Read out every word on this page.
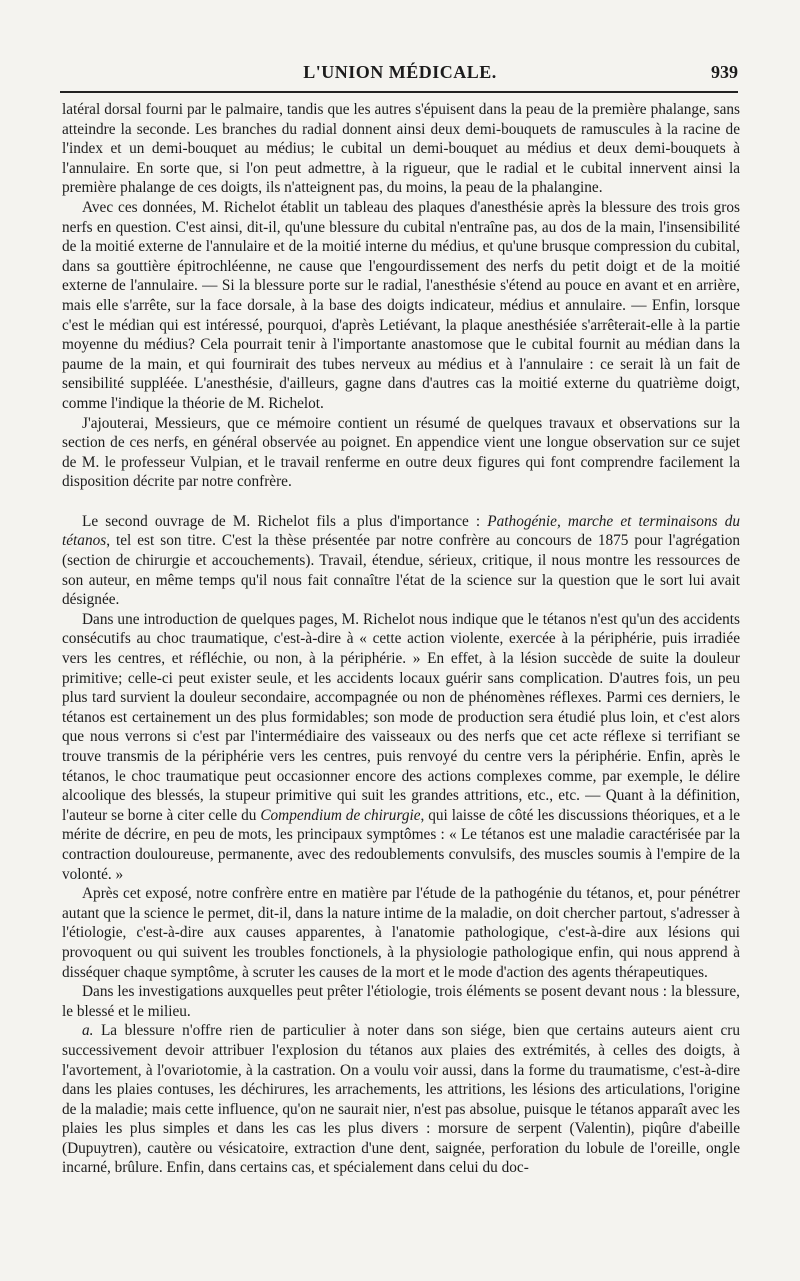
L'UNION MÉDICALE.	939

latéral dorsal fourni par le palmaire, tandis que les autres s'épuisent dans la peau de la première phalange, sans atteindre la seconde. Les branches du radial donnent ainsi deux demi-bouquets de ramuscules à la racine de l'index et un demi-bouquet au médius; le cubital un demi-bouquet au médius et deux demi-bouquets à l'annulaire. En sorte que, si l'on peut admettre, à la rigueur, que le radial et le cubital innervent ainsi la première phalange de ces doigts, ils n'atteignent pas, du moins, la peau de la phalangine.

Avec ces données, M. Richelot établit un tableau des plaques d'anesthésie après la blessure des trois gros nerfs en question. C'est ainsi, dit-il, qu'une blessure du cubital n'entraîne pas, au dos de la main, l'insensibilité de la moitié externe de l'annulaire et de la moitié interne du médius, et qu'une brusque compression du cubital, dans sa gouttière épitrochléenne, ne cause que l'engourdissement des nerfs du petit doigt et de la moitié externe de l'annulaire. — Si la blessure porte sur le radial, l'anesthésie s'étend au pouce en avant et en arrière, mais elle s'arrête, sur la face dorsale, à la base des doigts indicateur, médius et annulaire. — Enfin, lorsque c'est le médian qui est intéressé, pourquoi, d'après Letiévant, la plaque anesthésiée s'arrêterait-elle à la partie moyenne du médius? Cela pourrait tenir à l'importante anastomose que le cubital fournit au médian dans la paume de la main, et qui fournirait des tubes nerveux au médius et à l'annulaire : ce serait là un fait de sensibilité suppléée. L'anesthésie, d'ailleurs, gagne dans d'autres cas la moitié externe du quatrième doigt, comme l'indique la théorie de M. Richelot.

J'ajouterai, Messieurs, que ce mémoire contient un résumé de quelques travaux et observations sur la section de ces nerfs, en général observée au poignet. En appendice vient une longue observation sur ce sujet de M. le professeur Vulpian, et le travail renferme en outre deux figures qui font comprendre facilement la disposition décrite par notre confrère.

Le second ouvrage de M. Richelot fils a plus d'importance : Pathogénie, marche et terminaisons du tétanos, tel est son titre. C'est la thèse présentée par notre confrère au concours de 1875 pour l'agrégation (section de chirurgie et accouchements). Travail, étendue, sérieux, critique, il nous montre les ressources de son auteur, en même temps qu'il nous fait connaître l'état de la science sur la question que le sort lui avait désignée.

Dans une introduction de quelques pages, M. Richelot nous indique que le tétanos n'est qu'un des accidents consécutifs au choc traumatique, c'est-à-dire à « cette action violente, exercée à la périphérie, puis irradiée vers les centres, et réfléchie, ou non, à la périphérie. » En effet, à la lésion succède de suite la douleur primitive; celle-ci peut exister seule, et les accidents locaux guérir sans complication. D'autres fois, un peu plus tard survient la douleur secondaire, accompagnée ou non de phénomènes réflexes. Parmi ces derniers, le tétanos est certainement un des plus formidables; son mode de production sera étudié plus loin, et c'est alors que nous verrons si c'est par l'intermédiaire des vaisseaux ou des nerfs que cet acte réflexe si terrifiant se trouve transmis de la périphérie vers les centres, puis renvoyé du centre vers la périphérie. Enfin, après le tétanos, le choc traumatique peut occasionner encore des actions complexes comme, par exemple, le délire alcoolique des blessés, la stupeur primitive qui suit les grandes attritions, etc., etc. — Quant à la définition, l'auteur se borne à citer celle du Compendium de chirurgie, qui laisse de côté les discussions théoriques, et a le mérite de décrire, en peu de mots, les principaux symptômes : « Le tétanos est une maladie caractérisée par la contraction douloureuse, permanente, avec des redoublements convulsifs, des muscles soumis à l'empire de la volonté. »

Après cet exposé, notre confrère entre en matière par l'étude de la pathogénie du tétanos, et, pour pénétrer autant que la science le permet, dit-il, dans la nature intime de la maladie, on doit chercher partout, s'adresser à l'étiologie, c'est-à-dire aux causes apparentes, à l'anatomie pathologique, c'est-à-dire aux lésions qui provoquent ou qui suivent les troubles fonctionels, à la physiologie pathologique enfin, qui nous apprend à disséquer chaque symptôme, à scruter les causes de la mort et le mode d'action des agents thérapeutiques.

Dans les investigations auxquelles peut prêter l'étiologie, trois éléments se posent devant nous : la blessure, le blessé et le milieu.

a. La blessure n'offre rien de particulier à noter dans son siége, bien que certains auteurs aient cru successivement devoir attribuer l'explosion du tétanos aux plaies des extrémités, à celles des doigts, à l'avortement, à l'ovariotomie, à la castration. On a voulu voir aussi, dans la forme du traumatisme, c'est-à-dire dans les plaies contuses, les déchirures, les arrachements, les attritions, les lésions des articulations, l'origine de la maladie; mais cette influence, qu'on ne saurait nier, n'est pas absolue, puisque le tétanos apparaît avec les plaies les plus simples et dans les cas les plus divers : morsure de serpent (Valentin), piqûre d'abeille (Dupuytren), cautère ou vésicatoire, extraction d'une dent, saignée, perforation du lobule de l'oreille, ongle incarné, brûlure. Enfin, dans certains cas, et spécialement dans celui du doc-
